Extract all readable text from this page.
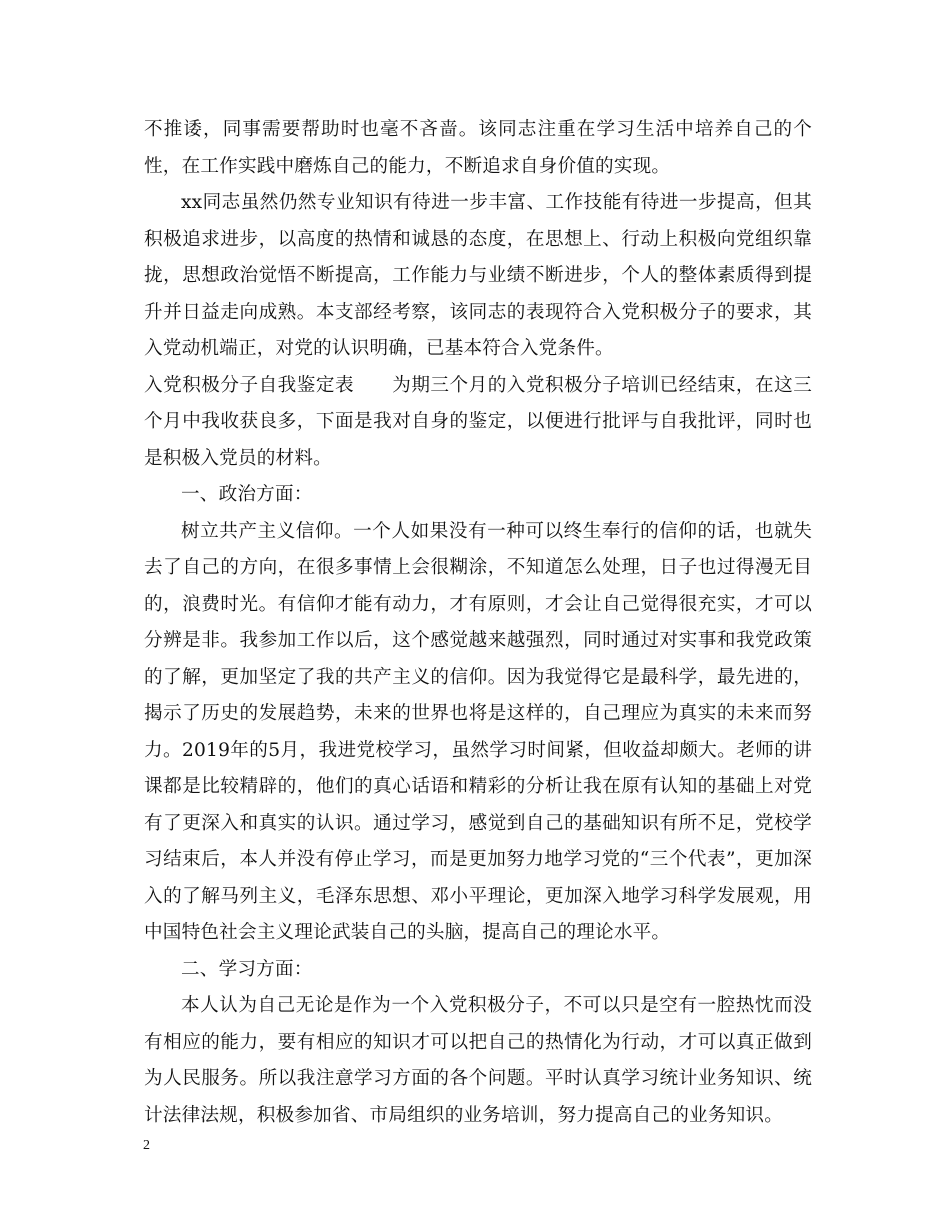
不推诿，同事需要帮助时也毫不吝啬。该同志注重在学习生活中培养自己的个性，在工作实践中磨炼自己的能力，不断追求自身价值的实现。

xx同志虽然仍然专业知识有待进一步丰富、工作技能有待进一步提高，但其积极追求进步，以高度的热情和诚恳的态度，在思想上、行动上积极向党组织靠拢，思想政治觉悟不断提高，工作能力与业绩不断进步，个人的整体素质得到提升并日益走向成熟。本支部经考察，该同志的表现符合入党积极分子的要求，其入党动机端正，对党的认识明确，已基本符合入党条件。

入党积极分子自我鉴定表　　为期三个月的入党积极分子培训已经结束，在这三个月中我收获良多，下面是我对自身的鉴定，以便进行批评与自我批评，同时也是积极入党员的材料。

一、政治方面：

树立共产主义信仰。一个人如果没有一种可以终生奉行的信仰的话，也就失去了自己的方向，在很多事情上会很糊涂，不知道怎么处理，日子也过得漫无目的，浪费时光。有信仰才能有动力，才有原则，才会让自己觉得很充实，才可以分辨是非。我参加工作以后，这个感觉越来越强烈，同时通过对实事和我党政策的了解，更加坚定了我的共产主义的信仰。因为我觉得它是最科学，最先进的，揭示了历史的发展趋势，未来的世界也将是这样的，自己理应为真实的未来而努力。2019年的5月，我进党校学习，虽然学习时间紧，但收益却颇大。老师的讲课都是比较精辟的，他们的真心话语和精彩的分析让我在原有认知的基础上对党有了更深入和真实的认识。通过学习，感觉到自己的基础知识有所不足，党校学习结束后，本人并没有停止学习，而是更加努力地学习党的“三个代表”，更加深入的了解马列主义，毛泽东思想、邓小平理论，更加深入地学习科学发展观，用中国特色社会主义理论武装自己的头脑，提高自己的理论水平。

二、学习方面：

本人认为自己无论是作为一个入党积极分子，不可以只是空有一腔热忱而没有相应的能力，要有相应的知识才可以把自己的热情化为行动，才可以真正做到为人民服务。所以我注意学习方面的各个问题。平时认真学习统计业务知识、统计法律法规，积极参加省、市局组织的业务培训，努力提高自己的业务知识。

2
